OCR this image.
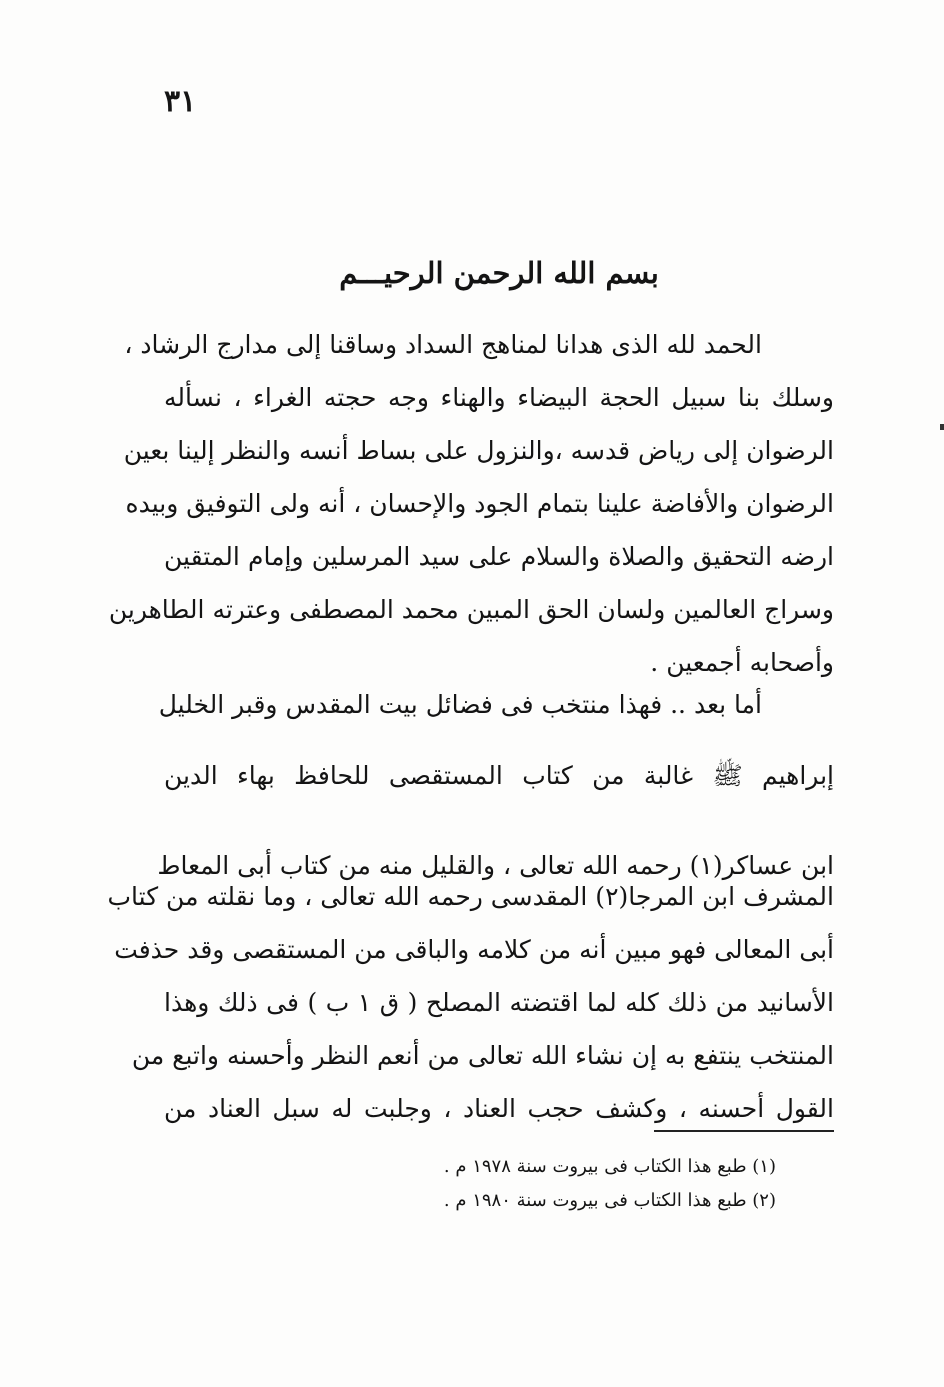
٣١
بسم الله الرحمن الرحيـــم
الحمد لله الذى هدانا لمناهج السداد وساقنا إلى مدارج الرشاد ،
وسلك بنا سبيل الحجة البيضاء والهناء وجه حجته الغراء ، نسأله
الرضوان إلى رياض قدسه ،والنزول على بساط أنسه والنظر إلينا بعين
الرضوان والأفاضة علينا بتمام الجود والإحسان ، أنه ولى التوفيق وبيده
ارضه التحقيق والصلاة والسلام على سيد المرسلين وإمام المتقين
وسراج العالمين ولسان الحق المبين محمد المصطفى وعترته الطاهرين
وأصحابه أجمعين .
أما بعد .. فهذا منتخب فى فضائل بيت المقدس وقبر الخليل
إبراهيم ﷺ غالبة من كتاب المستقصى للحافظ بهاء الدين
ابن عساكر(١) رحمه الله تعالى ، والقليل منه من كتاب أبى المعاط
المشرف ابن المرجا(٢) المقدسى رحمه الله تعالى ، وما نقلته من كتاب
أبى المعالى فهو مبين أنه من كلامه والباقى من المستقصى وقد حذفت
الأسانيد من ذلك كله لما اقتضته المصلح ( ق ١ ب ) فى ذلك وهذا
المنتخب ينتفع به إن نشاء الله تعالى من أنعم النظر وأحسنه واتبع من
القول أحسنه ، وكشف حجب العناد ، وجلبت له سبل العناد من
(١) طبع هذا الكتاب فى بيروت سنة ١٩٧٨ م .
(٢) طبع هذا الكتاب فى بيروت سنة ١٩٨٠ م .
